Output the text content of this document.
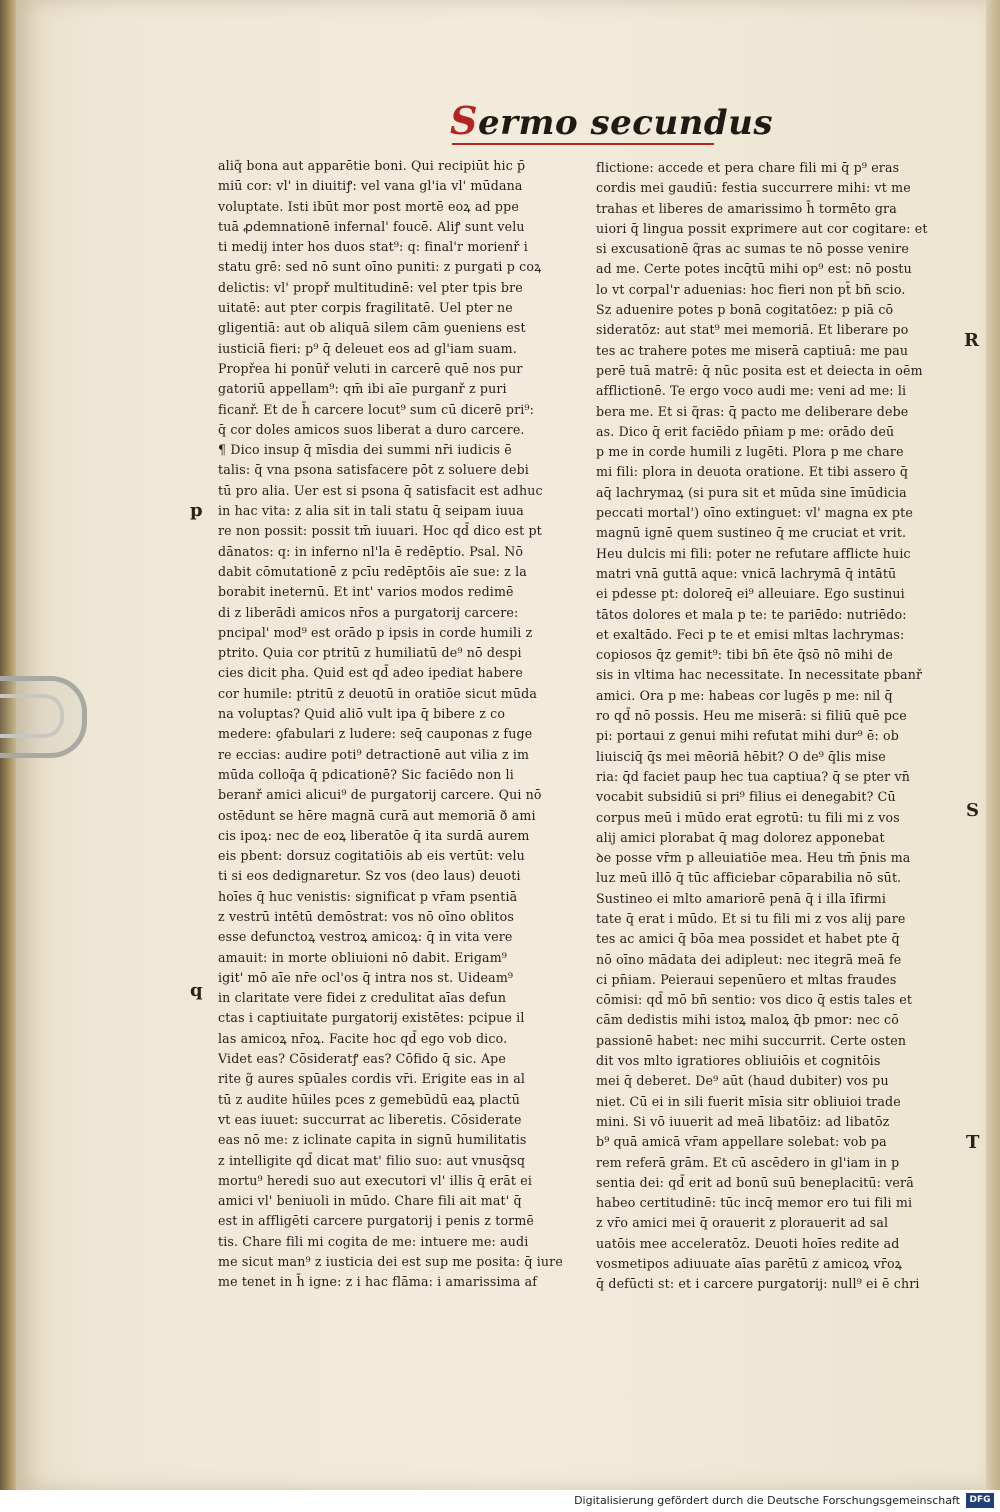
Sermo secundus
aliq̃ bona aut apparētie boni. Qui recipiūt hic p̄
miū cor: vl' in diuitiꝭ: vel vana gl'ia vl' mūdana
voluptate. Isti ibūt mor post mortē eoꝝ ad ppe
tuā ꝓdemnationē infernal' foucē. Aliꝭ sunt velu
ti medij inter hos duos stat⁹: q: final'r morienř i
statu grē: sed nō sunt oīno puniti: z purgati p coꝝ
delictis: vl' propř multitudinē: vel pter tpis bre
uitatē: aut pter corpis fragilitatē. Uel pter ne
gligentiā: aut ob aliquā silem cām ꝯueniens est
iusticiā fieri: p⁹ q̄ deleuet eos ad gl'iam suam.
Propřea hi ponūř veluti in carcerē quē nos pur
gatoriū appellam⁹: qm̄ ibi aīe purganř z puri
ficanř. Et de h̄ carcere locut⁹ sum cū dicerē pri⁹:
q̄ cor doles amicos suos liberat a duro carcere.
¶ Dico insup q̄ mīsdia dei summi nr̄i iudicis ē
talis: q̄ vna psona satisfacere pōt z soluere debi
tū pro alia. Uer est si psona q̄ satisfacit est adhuc
in hac vita: z alia sit in tali statu q̄ seipam iuua
re non possit: possit tm̄ iuuari. Hoc qd̄ dico est pt
dānatos: q: in inferno nl'la ē redēptio. Psal. Nō
dabit cōmutationē z pcīu redēptōis aīe sue: z la
borabit ineternū. Et int' varios modos redimē
di z liberādi amicos nr̄os a purgatorij carcere:
pncipal' mod⁹ est orādo p ipsis in corde humili z
ptrito. Quia cor ptritū z humiliatū de⁹ nō despi
cies dicit pha. Quid est qd̄ adeo ipediat habere
cor humile: ptritū z deuotū in oratiōe sicut mūda
na voluptas? Quid aliō vult ipa q̄ bibere z co
medere: ꝯfabulari z ludere: seq̄ cauponas z fuge
re eccias: audire poti⁹ detractionē aut vilia z im
mūda colloq̄a q̄ pdicationē? Sic faciēdo non li
beranř amici alicui⁹ de purgatorij carcere. Qui nō
ostēdunt se hēre magnā curā aut memoriā ð ami
cis ipoꝝ: nec de eoꝝ liberatōe q̄ ita surdā aurem
eis pbent: dorsuz cogitatiōis ab eis vertūt: velu
ti si eos dedignaretur. Sz vos (deo laus) deuoti
hoīes q̄ huc venistis: significat p vr̄am psentiā
z vestrū intētū demōstrat: vos nō oīno oblitos
esse defunctoꝝ vestroꝝ amicoꝝ: q̄ in vita vere
amauit: in morte obliuioni nō dabit. Erigam⁹
igit' mō aīe nr̄e ocl'os q̄ intra nos st. Uideam⁹
in claritate vere fidei z credulitat aīas defun
ctas i captiuitate purgatorij existētes: pcipue il
las amicoꝝ nr̄oꝝ. Facite hoc qd̄ ego vob dico.
Videt eas? Cōsideratꝭ eas? Cōfido q̄ sic. Ape
rite g̃ aures spūales cordis vr̄i. Erigite eas in al
tū z audite hūiles pces z gemebūdū eaꝝ plactū
vt eas iuuet: succurrat ac liberetis. Cōsiderate
eas nō me: z iclinate capita in signū humilitatis
z intelligite qd̄ dicat mat' filio suo: aut vnusq̄sq
mortu⁹ heredi suo aut executori vl' illis q̄ erāt ei
amici vl' beniuoli in mūdo. Chare fili ait mat' q̄
est in affligēti carcere purgatorij i penis z tormē
tis. Chare fili mi cogita de me: intuere me: audi
me sicut man⁹ z iusticia dei est sup me posita: q̄ iure
me tenet in h̄ igne: z i hac flāma: i amarissima af
flictione: accede et pera chare fili mi q̄ p⁹ eras
cordis mei gaudiū: festia succurrere mihi: vt me
trahas et liberes de amarissimo h̄ tormēto gra
uiori q̄ lingua possit exprimere aut cor cogitare: et
si excusationē q̃ras ac sumas te nō posse venire
ad me. Certe potes incq̄tū mihi op⁹ est: nō postu
lo vt corpal'r aduenias: hoc fieri non pt̄ bn̄ scio.
Sz aduenire potes p bonā cogitatōez: p piā cō
sideratōz: aut stat⁹ mei memoriā. Et liberare po
tes ac trahere potes me miserā captiuā: me pau
perē tuā matrē: q̄ nūc posita est et deiecta in oēm
afflictionē. Te ergo voco audi me: veni ad me: li
bera me. Et si q̃ras: q̄ pacto me deliberare debe
as. Dico q̄ erit faciēdo pn̄iam p me: orādo deū
p me in corde humili z lugēti. Plora p me chare
mi fili: plora in deuota oratione. Et tibi assero q̄
aq̄ lachrymaꝝ (si pura sit et mūda sine īmūdicia
peccati mortal') oīno extinguet: vl' magna ex pte
magnū ignē quem sustineo q̄ me cruciat et vrit.
Heu dulcis mi fili: poter ne refutare afflicte huic
matri vnā guttā aque: vnicā lachrymā q̄ intātū
ei pdesse pt: doloreq̄ ei⁹ alleuiare. Ego sustinui
tātos dolores et mala p te: te pariēdo: nutriēdo:
et exaltādo. Feci p te et emisi mltas lachrymas:
copiosos q̄z gemit⁹: tibi bn̄ ēte q̄sō nō mihi de
sis in vltima hac necessitate. In necessitate pbanř
amici. Ora p me: habeas cor lugēs p me: nil q̄
ro qd̄ nō possis. Heu me miserā: si filiū quē pce
pi: portaui z genui mihi refutat mihi dur⁹ ē: ob
liuisciq̄ q̄s mei mēoriā hēbit? O de⁹ q̄lis mise
ria: q̄d faciet paup hec tua captiua? q̄ se pter vn̄
vocabit subsidiū si pri⁹ filius ei denegabit? Cū
corpus meū i mūdo erat egrotū: tu fili mi z vos
alij amici plorabat q̄ mag dolorez apponebat
ꝺe posse vr̄m p alleuiatiōe mea. Heu tm̄ p̄nis ma
luz meū illō q̄ tūc afficiebar cōparabilia nō sūt.
Sustineo ei mlto amariorē penā q̄ i illa īfirmi
tate q̄ erat i mūdo. Et si tu fili mi z vos alij pare
tes ac amici q̄ bōa mea possidet et habet pte q̄
nō oīno mādata dei adipleut: nec itegrā meā fe
ci pn̄iam. Peieraui sepenūero et mltas fraudes
cōmisi: qd̄ mō bn̄ sentio: vos dico q̄ estis tales et
cām dedistis mihi istoꝝ maloꝝ q̄b pmor: nec cō
passionē habet: nec mihi succurrit. Certe osten
dit vos mlto igratiores obliuiōis et cognitōis
mei q̄ deberet. De⁹ aūt (haud dubiter) vos pu
niet. Cū ei in sili fuerit mīsia sitr obliuioi trade
mini. Si vō iuuerit ad meā libatōiz: ad libatōz
b⁹ quā amicā vr̄am appellare solebat: vob pa
rem referā grām. Et cū ascēdero in gl'iam in p
sentia dei: qd̄ erit ad bonū suū beneplacitū: verā
habeo certitudinē: tūc incq̄ memor ero tui fili mi
z vr̄o amici mei q̄ orauerit z plorauerit ad sal
uatōis mee acceleratōz. Deuoti hoīes redite ad
vosmetipos adiuuate aīas parētū z amicoꝝ vr̄oꝝ
q̄ defūcti st: et i carcere purgatorij: null⁹ ei ē chri
p
q
R
S
T
Digitalisierung gefördert durch die Deutsche Forschungsgemeinschaft	DFG
